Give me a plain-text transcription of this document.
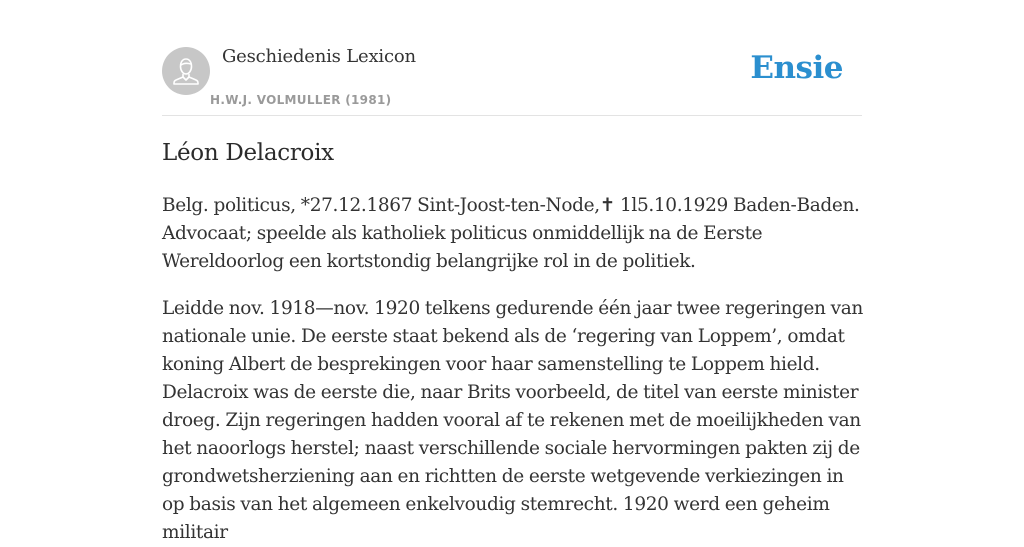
Geschiedenis Lexicon
H.W.J. VOLMULLER (1981)
Ensie
Léon Delacroix

Belg. politicus, *27.12.1867 Sint-Joost-ten-Node,✝ 1l5.10.1929 Baden-Baden. Advocaat; speelde als katholiek politicus onmiddellijk na de Eerste Wereldoorlog een kortstondig belangrijke rol in de politiek.

Leidde nov. 1918—nov. 1920 telkens gedurende één jaar twee regeringen van nationale unie. De eerste staat bekend als de ‘regering van Loppem’, omdat koning Albert de besprekingen voor haar samenstelling te Loppem hield. Delacroix was de eerste die, naar Brits voorbeeld, de titel van eerste minister droeg. Zijn regeringen hadden vooral af te rekenen met de moeilijkheden van het naoorlogs herstel; naast verschillende sociale hervormingen pakten zij de grondwetsherziening aan en richtten de eerste wetgevende verkiezingen in op basis van het algemeen enkelvoudig stemrecht. 1920 werd een geheim militair
